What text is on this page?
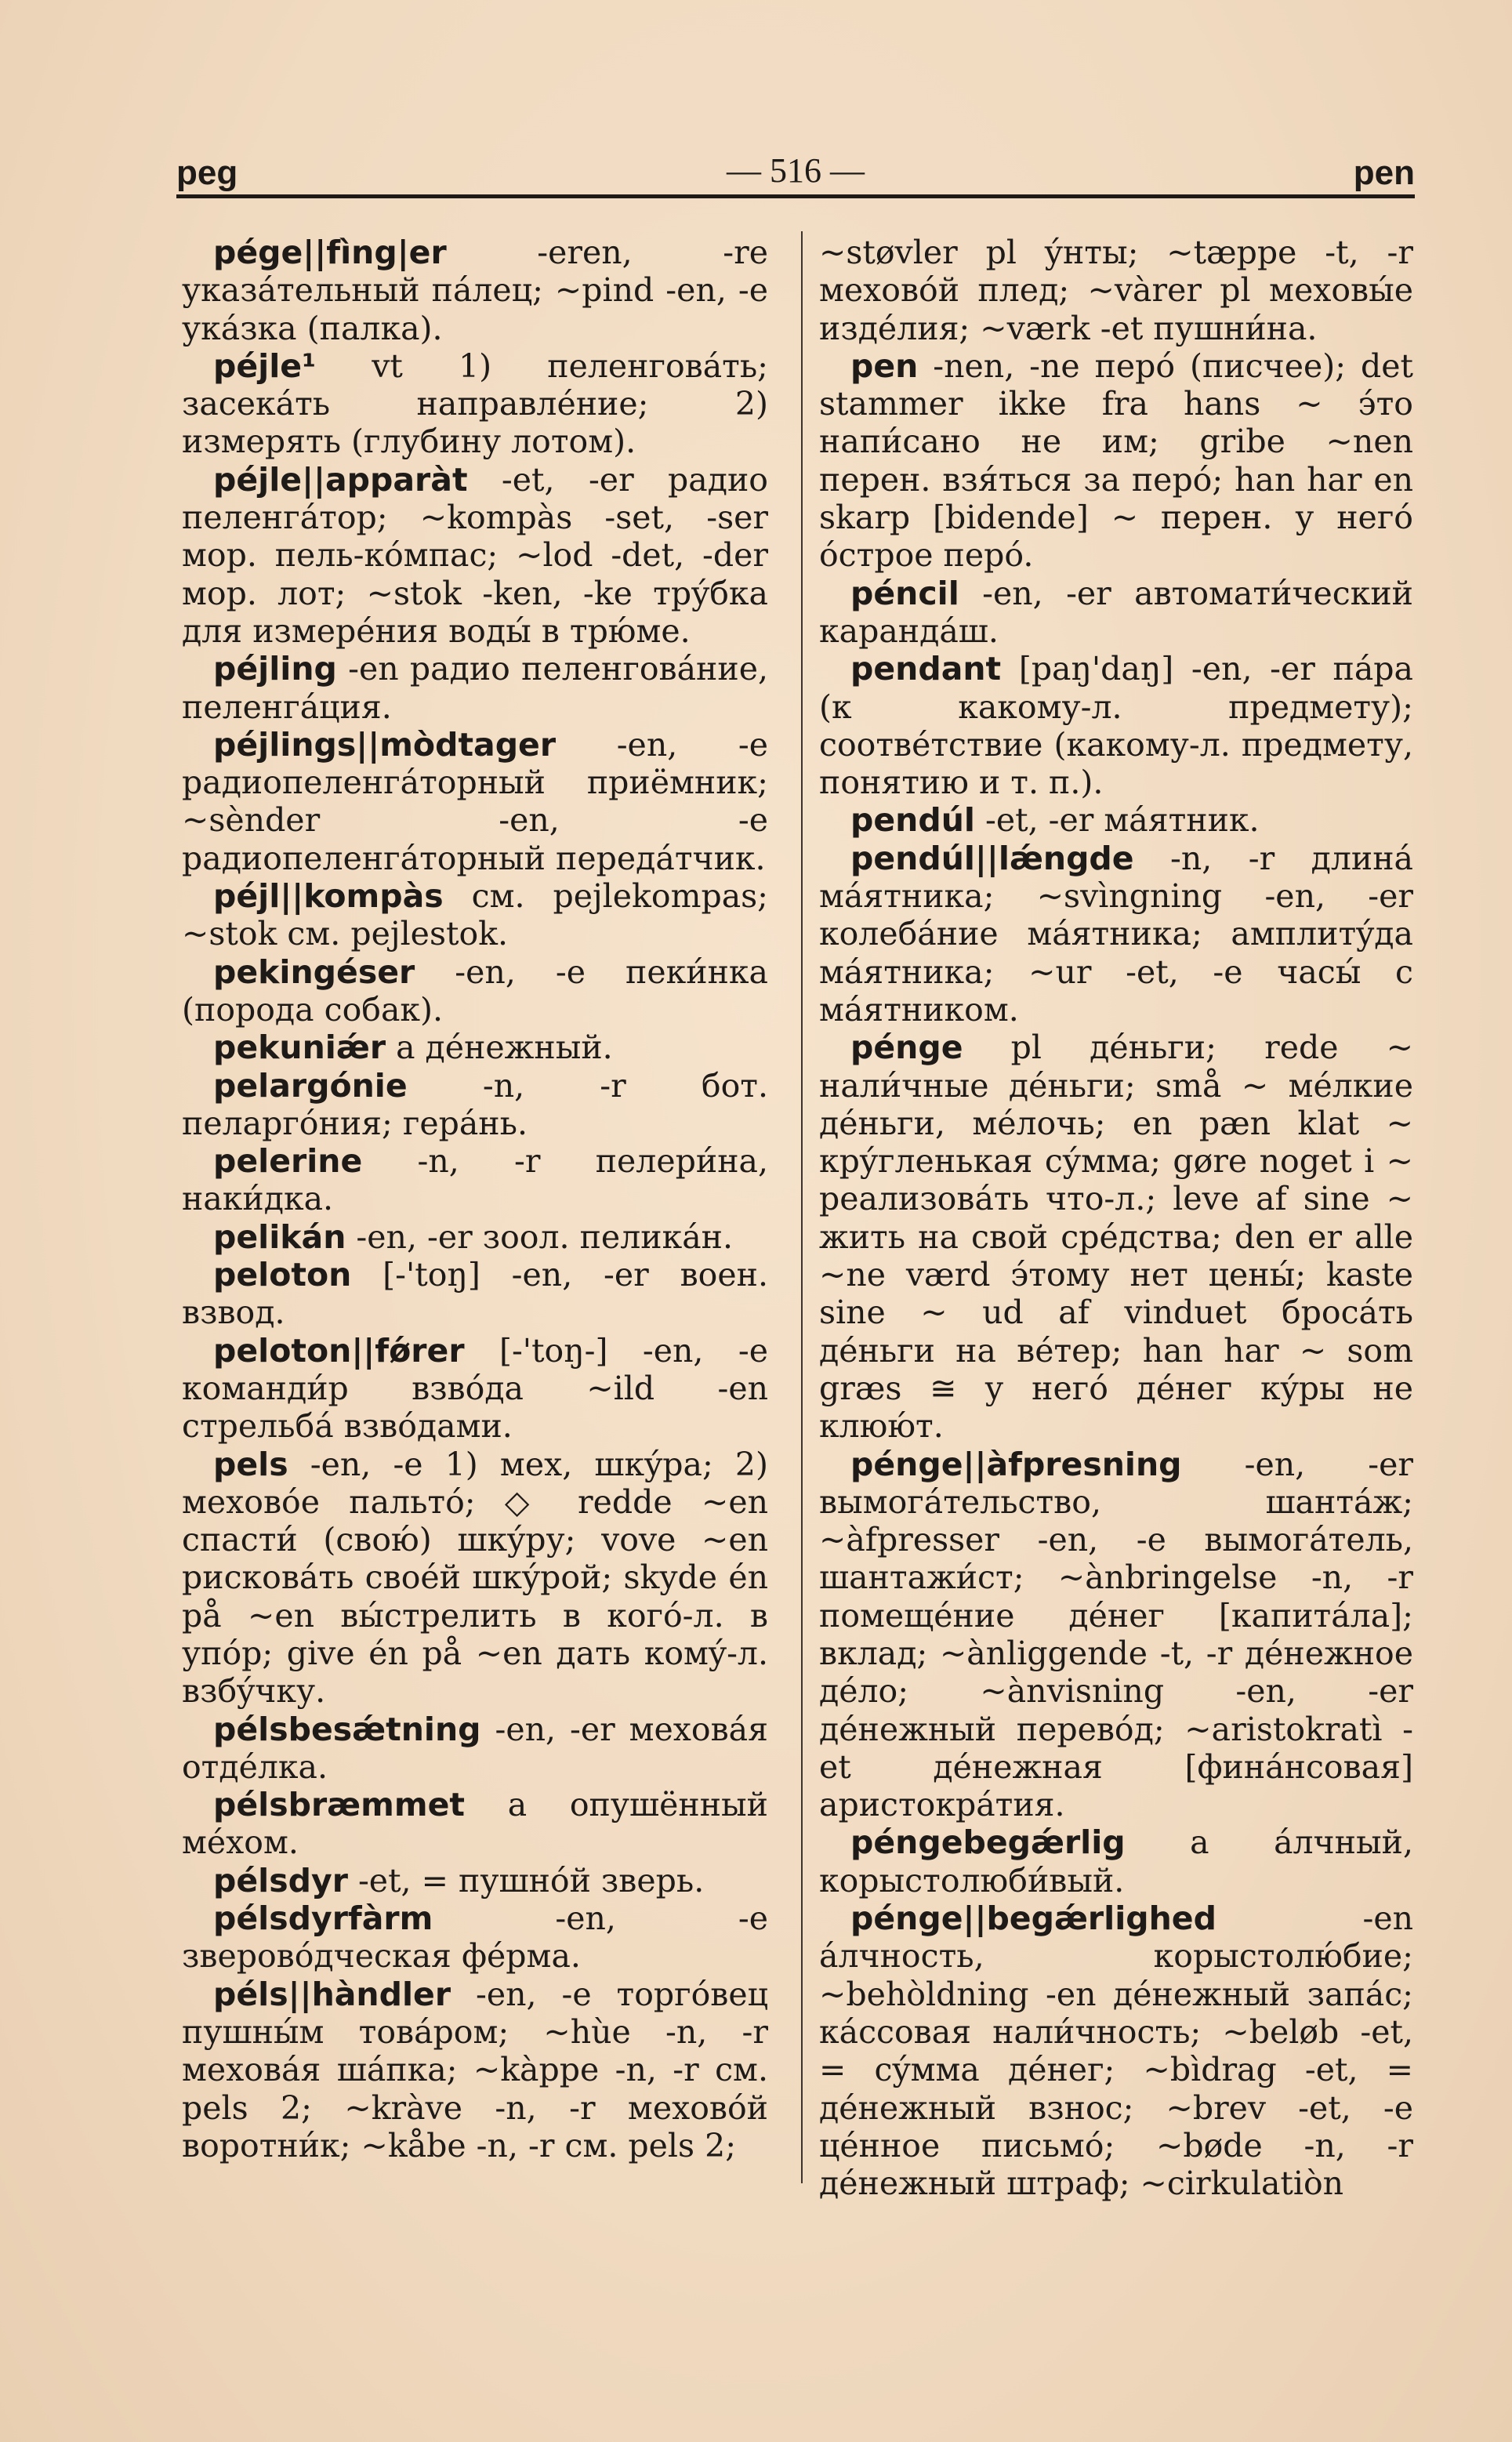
peg	— 516 —	pen

pége||fìng|er -eren, -re указáтельный пáлец; ~pind -en, -e укáзка (палка).

péjle¹ vt 1) пеленговáть; засекáть направлéние; 2) измерять (глубину лотом).

péjle||apparàt -et, -er радио пеленгáтор; ~kompàs -set, -ser мор. пель-кóмпас; ~lod -det, -der мор. лот; ~stok -ken, -ke трýбка для измерéния воды́ в трю́ме.

péjling -en радио пеленговáние, пеленгáция.

péjlings||mòdtager -en, -e радиопеленгáторный приёмник; ~sènder -en, -e радиопеленгáторный передáтчик.

péjl||kompàs см. pejlekompas; ~stok см. pejlestok.

pekingéser -en, -e пеки́нка (порода собак).

pekuniǽr a дéнежный.

pelargónie -n, -r бот. пеларгóния; герáнь.

pelerine -n, -r пелери́на, наки́дка.

pelikán -en, -er зоол. пеликáн.

peloton [-'toŋ] -en, -er воен. взвод.

peloton||fǿrer [-'toŋ-] -en, -e команди́р взвóда ~ild -en стрельбá взвóдами.

pels -en, -e 1) мех, шкýра; 2) меховóе пальтó; ◇ redde ~en спасти́ (свою́) шкýру; vove ~en рисковáть своéй шкýрой; skyde én på ~en вы́стрелить в когó-л. в упóр; give én på ~en дать комý-л. взбýчку.

pélsbesǽtning -en, -er меховáя отдéлка.

pélsbræmmet a опушённый мéхом.

pélsdyr -et, = пушнóй зверь.

pélsdyrfàrm -en, -e зверовóдческая фéрма.

péls||hàndler -en, -e торгóвец пушны́м товáром; ~hùe -n, -r меховáя шáпка; ~kàppe -n, -r см. pels 2; ~kràve -n, -r меховóй воротни́к; ~kåbe -n, -r см. pels 2;

~støvler pl ýнты; ~tæppe -t, -r меховóй плед; ~vàrer pl меховы́е издéлия; ~værk -et пушни́на.

pen -nen, -ne перó (писчее); det stammer ikke fra hans ~ э́то напи́сано не им; gribe ~nen перен. взя́ться за перó; han har en skarp [bidende] ~ перен. у негó óстрое перó.

péncil -en, -er автомати́ческий карандáш.

pendant [paŋ'daŋ] -en, -er пáра (к какому-л. предмету); соотвéтствие (какому-л. предмету, понятию и т. п.).

pendúl -et, -er мáятник.

pendúl||lǽngde -n, -r длинá мáятника; ~svìngning -en, -er колебáние мáятника; амплитýда мáятника; ~ur -et, -e часы́ с мáятником.

pénge pl дéньги; rede ~ нали́чные дéньги; små ~ мéлкие дéньги, мéлочь; en pæn klat ~ крýгленькая сýмма; gøre noget i ~ реализовáть что-л.; leve af sine ~ жить на свой срéдства; den er alle ~ne værd э́тому нет цены́; kaste sine ~ ud af vinduet бросáть дéньги на вéтер; han har ~ som græs ≅ у негó дéнег кýры не клюю́т.

pénge||àfpresning -en, -er вымогáтельство, шантáж; ~àfpresser -en, -e вымогáтель, шантажи́ст; ~ànbringelse -n, -r помещéние дéнег [капитáла]; вклад; ~ànliggende -t, -r дéнежное дéло; ~ànvisning -en, -er дéнежный перевóд; ~aristokratì -et дéнежная [финáнсовая] аристокрáтия.

péngebegǽrlig a áлчный, корыстолюби́вый.

pénge||begǽrlighed -en áлчность, корыстолю́бие; ~behòldning -en дéнежный запáс; кáссовая нали́чность; ~beløb -et, = сýмма дéнег; ~bìdrag -et, = дéнежный взнос; ~brev -et, -e цéнное письмó; ~bøde -n, -r дéнежный штраф; ~cirkulatiòn
